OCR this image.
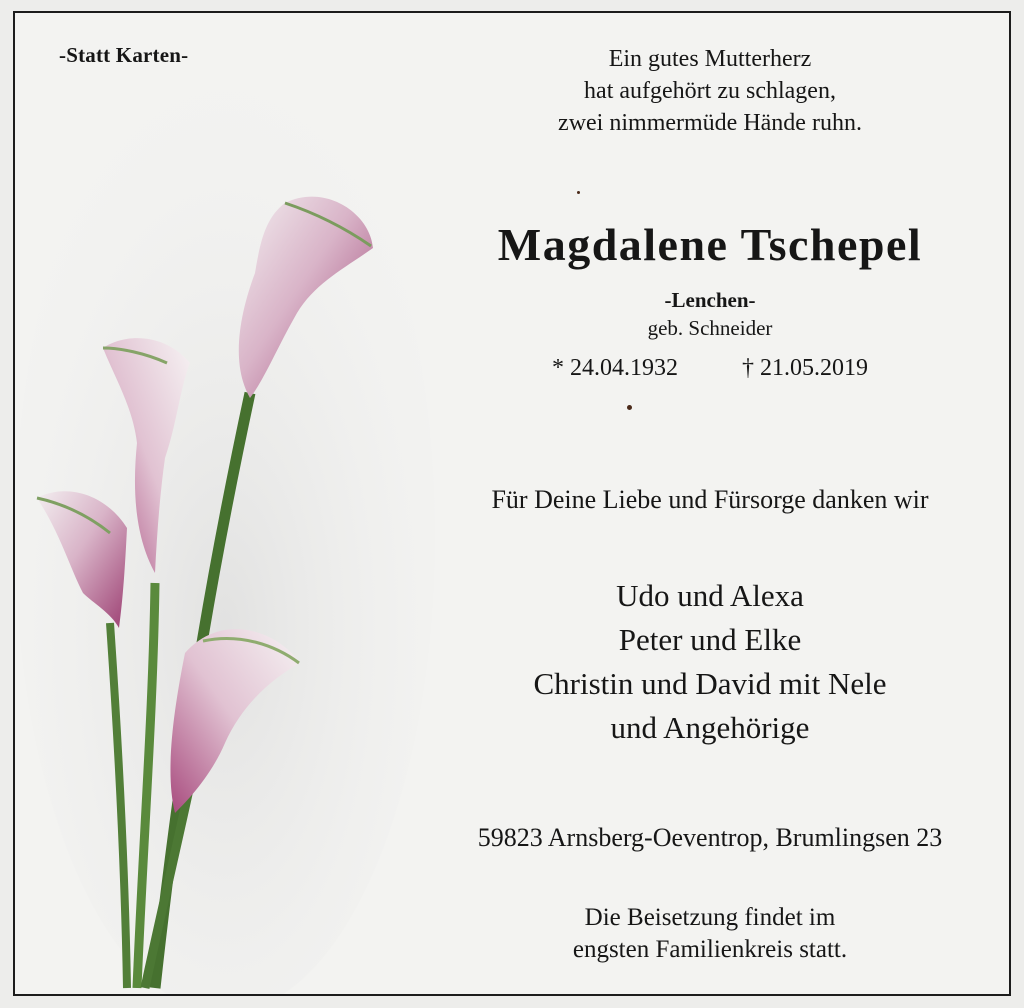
-Statt Karten-	Ein gutes Mutterherz
hat aufgehört zu schlagen,
zwei nimmermüde Hände ruhn.
Magdalene Tschepel
-Lenchen-
geb. Schneider
* 24.04.1932	† 21.05.2019
Für Deine Liebe und Fürsorge danken wir
Udo und Alexa
Peter und Elke
Christin und David mit Nele
und Angehörige
59823 Arnsberg-Oeventrop, Brumlingsen 23
Die Beisetzung findet im
engsten Familienkreis statt.
